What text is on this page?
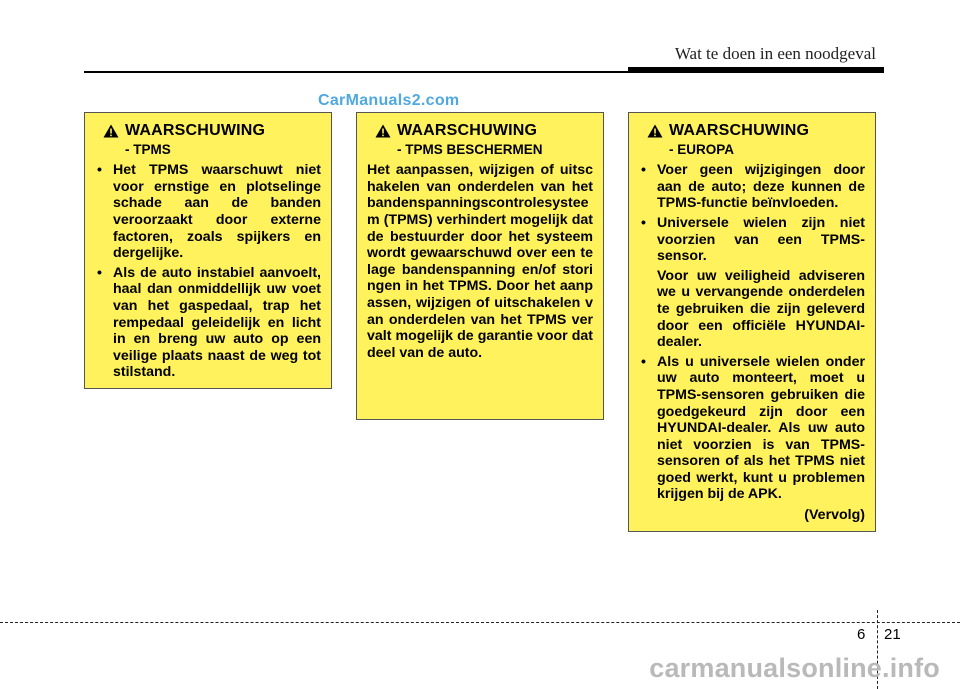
Wat te doen in een noodgeval
CarManuals2.com
WAARSCHUWING
- TPMS
• Het TPMS waarschuwt niet voor ernstige en plotselinge schade aan de banden veroorzaakt door externe factoren, zoals spijkers en dergelijke.
• Als de auto instabiel aanvoelt, haal dan onmiddellijk uw voet van het gaspedaal, trap het rempedaal geleidelijk en licht in en breng uw auto op een veilige plaats naast de weg tot stilstand.
WAARSCHUWING
- TPMS BESCHERMEN

Het aanpassen, wijzigen of uitschakelen van onderdelen van het bandenspanningscontrolesysteem (TPMS) verhindert mogelijk dat de bestuurder door het systeem wordt gewaarschuwd over een te lage bandenspanning en/of storingen in het TPMS. Door het aanpassen, wijzigen of uitschakelen van onderdelen van het TPMS vervalt mogelijk de garantie voor dat deel van de auto.

WAARSCHUWING
- EUROPA
• Voer geen wijzigingen door aan de auto; deze kunnen de TPMS-functie beïnvloeden.
• Universele wielen zijn niet voorzien van een TPMS-sensor.

Voor uw veiligheid adviseren we u vervangende onderdelen te gebruiken die zijn geleverd door een officiële HYUNDAI-dealer.

• Als u universele wielen onder uw auto monteert, moet u TPMS-sensoren gebruiken die goedgekeurd zijn door een HYUNDAI-dealer. Als uw auto niet voorzien is van TPMS-sensoren of als het TPMS niet goed werkt, kunt u problemen krijgen bij de APK.
(Vervolg)
6 21
carmanualsonline.info
